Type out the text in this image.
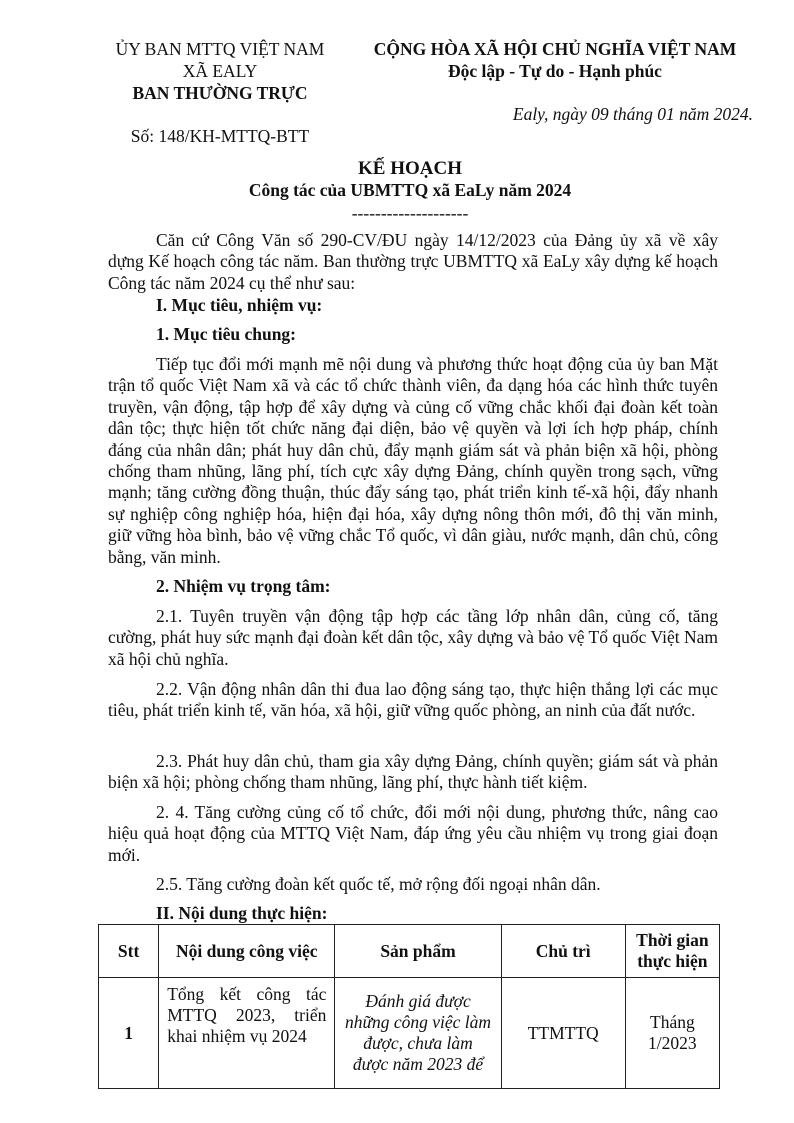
ỦY BAN MTTQ VIỆT NAM
XÃ EALY
BAN THƯỜNG TRỰC
CỘNG HÒA XÃ HỘI CHỦ NGHĨA VIỆT NAM
Độc lập - Tự do - Hạnh phúc
Ealy, ngày 09 tháng 01 năm 2024.
Số: 148/KH-MTTQ-BTT
KẾ HOẠCH
Công tác của UBMTTQ xã EaLy năm 2024
--------------------
Căn cứ Công Văn số 290-CV/ĐU ngày 14/12/2023 của Đảng ủy xã về xây dựng Kế hoạch công tác năm. Ban thường trực UBMTTQ xã EaLy xây dựng kế hoạch Công tác năm 2024 cụ thể như sau:
I. Mục tiêu, nhiệm vụ:
1. Mục tiêu chung:
Tiếp tục đổi mới mạnh mẽ nội dung và phương thức hoạt động của ủy ban Mặt trận tổ quốc Việt Nam xã và các tổ chức thành viên, đa dạng hóa các hình thức tuyên truyền, vận động, tập hợp để xây dựng và củng cố vững chắc khối đại đoàn kết toàn dân tộc; thực hiện tốt chức năng đại diện, bảo vệ quyền và lợi ích hợp pháp, chính đáng của nhân dân; phát huy dân chủ, đẩy mạnh giám sát và phản biện xã hội, phòng chống tham nhũng, lãng phí, tích cực xây dựng Đảng, chính quyền trong sạch, vững mạnh; tăng cường đồng thuận, thúc đẩy sáng tạo, phát triển kinh tế-xã hội, đẩy nhanh sự nghiệp công nghiệp hóa, hiện đại hóa, xây dựng nông thôn mới, đô thị văn minh, giữ vững hòa bình, bảo vệ vững chắc Tổ quốc, vì dân giàu, nước mạnh, dân chủ, công bằng, văn minh.
2. Nhiệm vụ trọng tâm:
2.1. Tuyên truyền vận động tập hợp các tầng lớp nhân dân, củng cố, tăng cường, phát huy sức mạnh đại đoàn kết dân tộc, xây dựng và bảo vệ Tổ quốc Việt Nam xã hội chủ nghĩa.
2.2. Vận động nhân dân thi đua lao động sáng tạo, thực hiện thắng lợi các mục tiêu, phát triển kinh tế, văn hóa, xã hội, giữ vững quốc phòng, an ninh của đất nước.
2.3. Phát huy dân chủ, tham gia xây dựng Đảng, chính quyền; giám sát và phản biện xã hội; phòng chống tham nhũng, lãng phí, thực hành tiết kiệm.
2. 4. Tăng cường củng cố tổ chức, đổi mới nội dung, phương thức, nâng cao hiệu quả hoạt động của MTTQ Việt Nam, đáp ứng yêu cầu nhiệm vụ trong giai đoạn mới.
2.5. Tăng cường đoàn kết quốc tế, mở rộng đối ngoại nhân dân.
II. Nội dung thực hiện:
Stt	Nội dung công việc	Sản phẩm	Chủ trì	Thời gian thực hiện
1	Tổng kết công tác MTTQ 2023, triển khai nhiệm vụ 2024	Đánh giá được những công việc làm được, chưa làm được năm 2023 để	TTMTTQ	Tháng 1/2023
